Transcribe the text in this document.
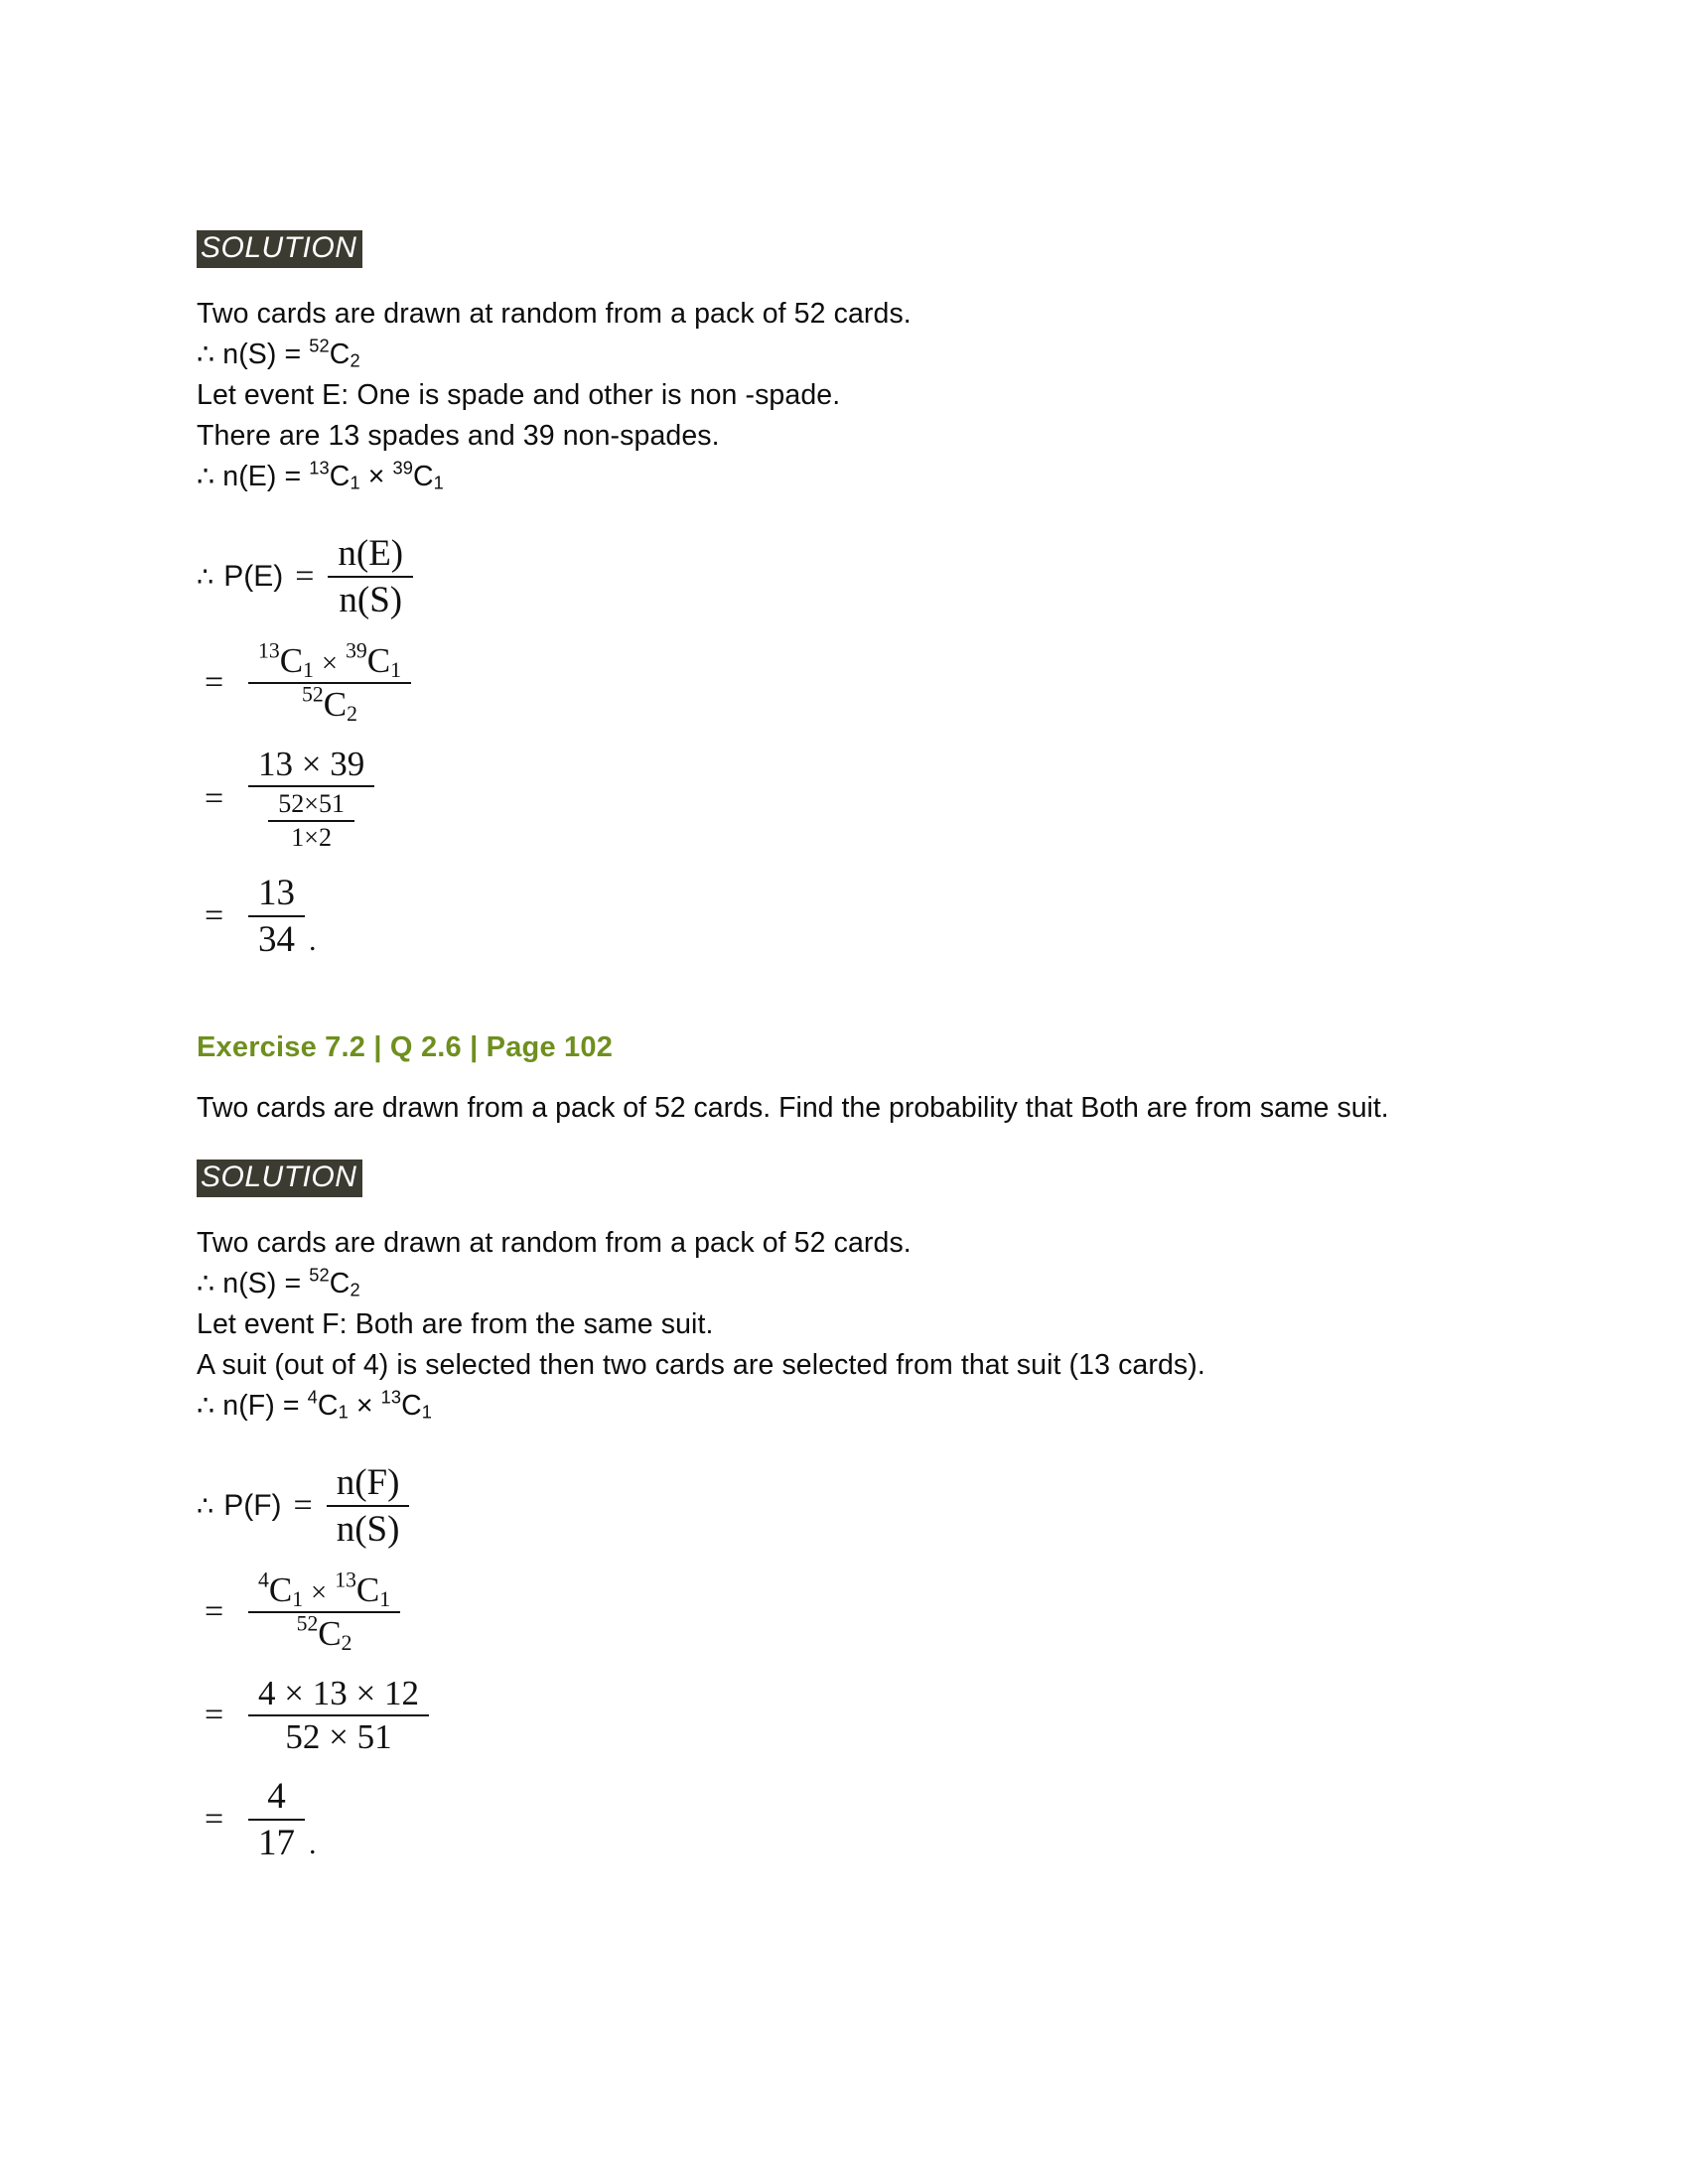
SOLUTION
Two cards are drawn at random from a pack of 52 cards.
∴ $n(S) = ^{52}C_2$
Let event E: One is spade and other is non -spade.
There are 13 spades and 39 non-spades.
∴ $n(E) = ^{13}C_1 \times ^{39}C_1$
∴ $P(E) = \frac{n(E)}{n(S)}$
=	$\frac{^{13}C_1 \times ^{39}C_1}{^{52}C_2}$
= $\frac{13 \times 39}{\frac{52\times 51}{1\times 2}}$
= $\frac{13}{34}$ .
Exercise 7.2 | Q 2.6 | Page 102
Two cards are drawn from a pack of 52 cards. Find the probability that Both are from same suit.
SOLUTION
Two cards are drawn at random from a pack of 52 cards.
∴ $n(S) = ^{52}C_2$
Let event F: Both are from the same suit.
A suit (out of 4) is selected then two cards are selected from that suit (13 cards).
∴ $n(F) = ^4C_1 \times ^{13}C_1$
∴ $P(F) = \frac{n(F)}{n(S)}$
=	$\frac{^4C_1 \times ^{13}C_1}{^{52}C_2}$
= $\frac{4 \times 13 \times 12}{52 \times 51}$
= $\frac{4}{17}$ .
